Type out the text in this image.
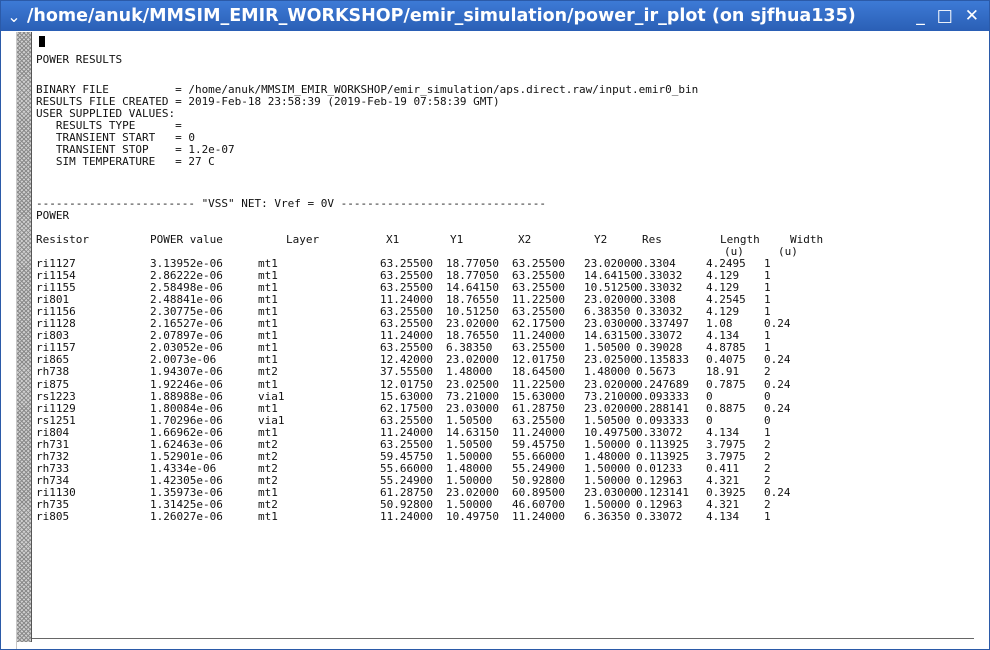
⌄ /home/anuk/MMSIM_EMIR_WORKSHOP/emir_simulation/power_ir_plot (on sjfhua135)	_ □ ✕
POWER RESULTS
BINARY FILE          = /home/anuk/MMSIM_EMIR_WORKSHOP/emir_simulation/aps.direct.raw/input.emir0_bin
RESULTS FILE CREATED = 2019-Feb-18 23:58:39 (2019-Feb-19 07:58:39 GMT)
USER SUPPLIED VALUES:
RESULTS TYPE      =
TRANSIENT START   = 0
TRANSIENT STOP    = 1.2e-07
SIM TEMPERATURE   = 27 C
------------------------ "VSS" NET: Vref = 0V -------------------------------
POWER
Resistor	POWER value	Layer	X1	Y1	X2	Y2	Res	Length	Width
(u)	(u)
ri1127	3.13952e-06	mt1	63.25500 18.77050 63.25500 23.02000 0.3304	4.2495 1
ri1154	2.86222e-06	mt1	63.25500 18.77050 63.25500 14.64150 0.33032 4.129 1
ri1155	2.58498e-06	mt1	63.25500 14.64150 63.25500 10.51250 0.33032 4.129 1
ri801	2.48841e-06	mt1	11.24000 18.76550 11.22500 23.02000 0.3308	4.2545 1
ri1156	2.30775e-06	mt1	63.25500 10.51250 63.25500 6.38350 0.33032 4.129 1
ri1128	2.16527e-06	mt1	63.25500 23.02000 62.17500 23.03000 0.337497 1.08	0.24
ri803	2.07897e-06	mt1	11.24000 18.76550 11.24000 14.63150 0.33072 4.134 1
ri1157	2.03052e-06	mt1	63.25500 6.38350 63.25500 1.50500 0.39028 4.8785 1
ri865	2.0073e-06	mt1	12.42000 23.02000 12.01750 23.02500 0.135833 0.4075 0.24
rh738	1.94307e-06	mt2	37.55500 1.48000 18.64500 1.48000 0.5673	18.91 2
ri875	1.92246e-06	mt1	12.01750 23.02500 11.22500 23.02000 0.247689 0.7875 0.24
rs1223	1.88988e-06	via1	15.63000 73.21000 15.63000 73.21000 0.093333 0	0
ri1129	1.80084e-06	mt1	62.17500 23.03000 61.28750 23.02000 0.288141 0.8875 0.24
rs1251	1.70296e-06	via1	63.25500 1.50500 63.25500 1.50500 0.093333 0	0
ri804	1.66962e-06	mt1	11.24000 14.63150 11.24000 10.49750 0.33072 4.134 1
rh731	1.62463e-06	mt2	63.25500 1.50500 59.45750 1.50000 0.113925 3.7975 2
rh732	1.52901e-06	mt2	59.45750 1.50000 55.66000 1.48000 0.113925 3.7975 2
rh733	1.4334e-06	mt2	55.66000 1.48000 55.24900 1.50000 0.01233 0.411 2
rh734	1.42305e-06	mt2	55.24900 1.50000 50.92800 1.50000 0.12963 4.321 2
ri1130	1.35973e-06	mt1	61.28750 23.02000 60.89500 23.03000 0.123141 0.3925 0.24
rh735	1.31425e-06	mt2	50.92800 1.50000 46.60700 1.50000 0.12963 4.321 2
ri805	1.26027e-06	mt1	11.24000 10.49750 11.24000 6.36350 0.33072 4.134 1
